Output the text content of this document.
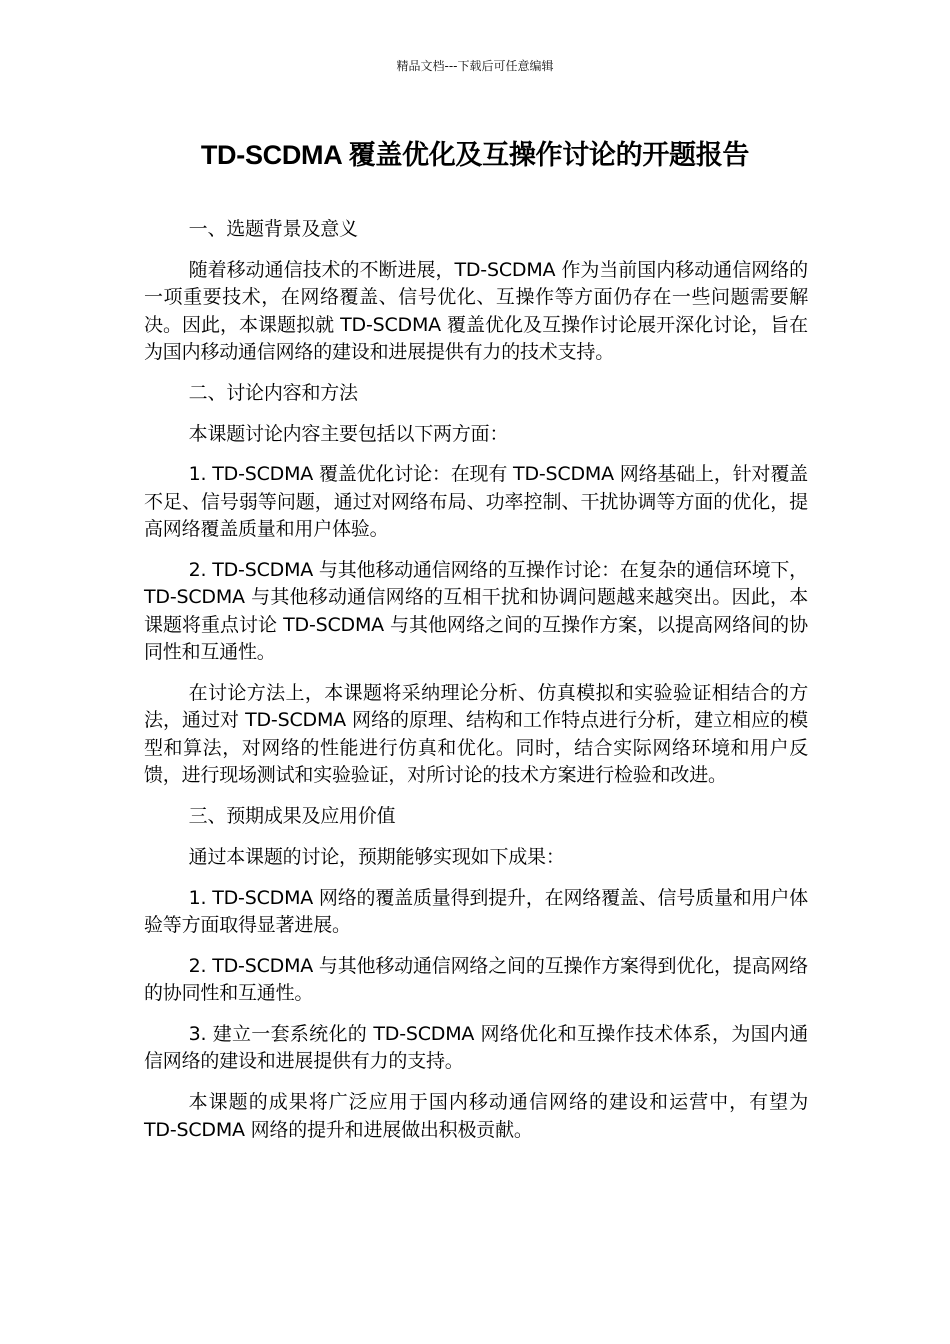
精品文档---下载后可任意编辑
TD-SCDMA 覆盖优化及互操作讨论的开题报告

一、选题背景及意义

随着移动通信技术的不断进展，TD-SCDMA 作为当前国内移动通信网络的一项重要技术，在网络覆盖、信号优化、互操作等方面仍存在一些问题需要解决。因此，本课题拟就 TD-SCDMA 覆盖优化及互操作讨论展开深化讨论，旨在为国内移动通信网络的建设和进展提供有力的技术支持。

二、讨论内容和方法

本课题讨论内容主要包括以下两方面：

1. TD-SCDMA 覆盖优化讨论：在现有 TD-SCDMA 网络基础上，针对覆盖不足、信号弱等问题，通过对网络布局、功率控制、干扰协调等方面的优化，提高网络覆盖质量和用户体验。

2. TD-SCDMA 与其他移动通信网络的互操作讨论：在复杂的通信环境下，TD-SCDMA 与其他移动通信网络的互相干扰和协调问题越来越突出。因此，本课题将重点讨论 TD-SCDMA 与其他网络之间的互操作方案，以提高网络间的协同性和互通性。

在讨论方法上，本课题将采纳理论分析、仿真模拟和实验验证相结合的方法，通过对 TD-SCDMA 网络的原理、结构和工作特点进行分析，建立相应的模型和算法，对网络的性能进行仿真和优化。同时，结合实际网络环境和用户反馈，进行现场测试和实验验证，对所讨论的技术方案进行检验和改进。

三、预期成果及应用价值

通过本课题的讨论，预期能够实现如下成果：

1. TD-SCDMA 网络的覆盖质量得到提升，在网络覆盖、信号质量和用户体验等方面取得显著进展。

2. TD-SCDMA 与其他移动通信网络之间的互操作方案得到优化，提高网络的协同性和互通性。

3. 建立一套系统化的 TD-SCDMA 网络优化和互操作技术体系，为国内通信网络的建设和进展提供有力的支持。

本课题的成果将广泛应用于国内移动通信网络的建设和运营中，有望为 TD-SCDMA 网络的提升和进展做出积极贡献。
